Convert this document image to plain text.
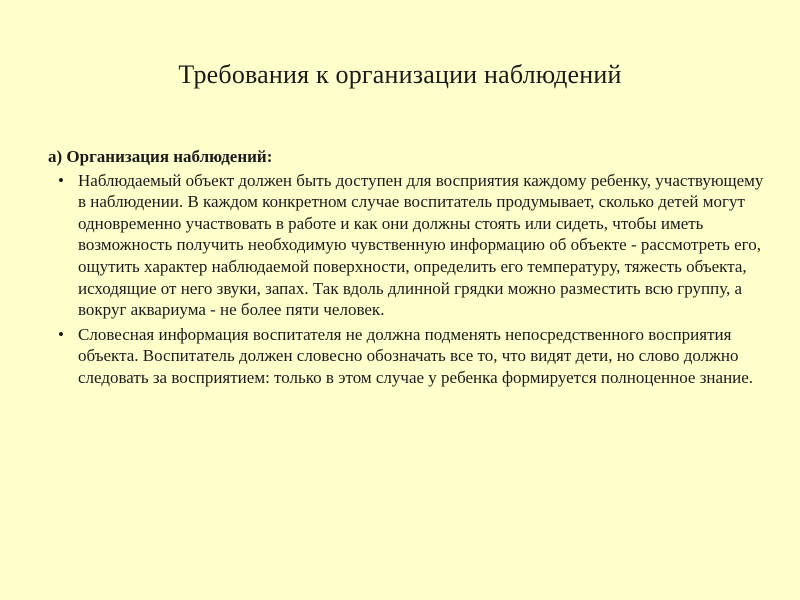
Требования к организации наблюдений
а) Организация наблюдений:
• Наблюдаемый объект должен быть доступен для восприятия каждому ребенку, участвующему в наблюдении. В каждом конкретном случае воспитатель продумывает, сколько детей могут одновременно участвовать в работе и как они должны стоять или сидеть, чтобы иметь возможность получить необходимую чувственную информацию об объекте - рассмотреть его, ощутить характер наблюдаемой поверхности, определить его температуру, тяжесть объекта, исходящие от него звуки, запах. Так вдоль длинной грядки можно разместить всю группу, а вокруг аквариума - не более пяти человек.
• Словесная информация воспитателя не должна подменять непосредственного восприятия объекта. Воспитатель должен словесно обозначать все то, что видят дети, но слово должно следовать за восприятием: только в этом случае у ребенка формируется полноценное знание.
